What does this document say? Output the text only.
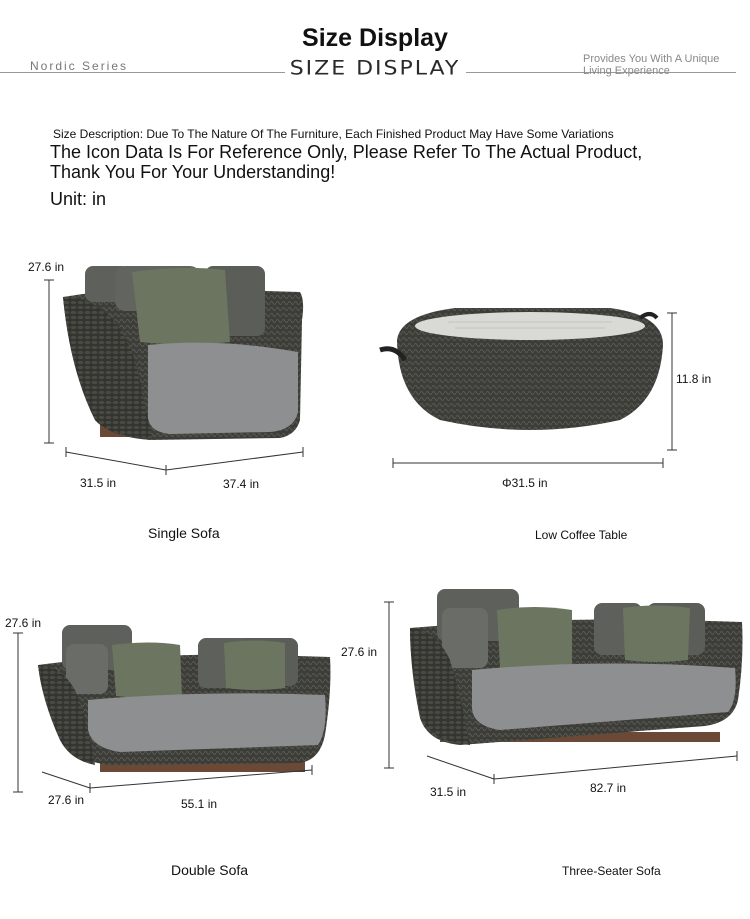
Size Display
SIZE DISPLAY
Nordic Series	Provides You With A Unique Living Experience
Size Description: Due To The Nature Of The Furniture, Each Finished Product May Have Some Variations
The Icon Data Is For Reference Only, Please Refer To The Actual Product, Thank You For Your Understanding!
Unit: in
27.6 in
31.5 in	37.4 in
Single Sofa
11.8 in
Φ31.5 in
Low Coffee Table
27.6 in
27.6 in	55.1 in
Double Sofa
27.6 in
31.5 in	82.7 in
Three-Seater Sofa
